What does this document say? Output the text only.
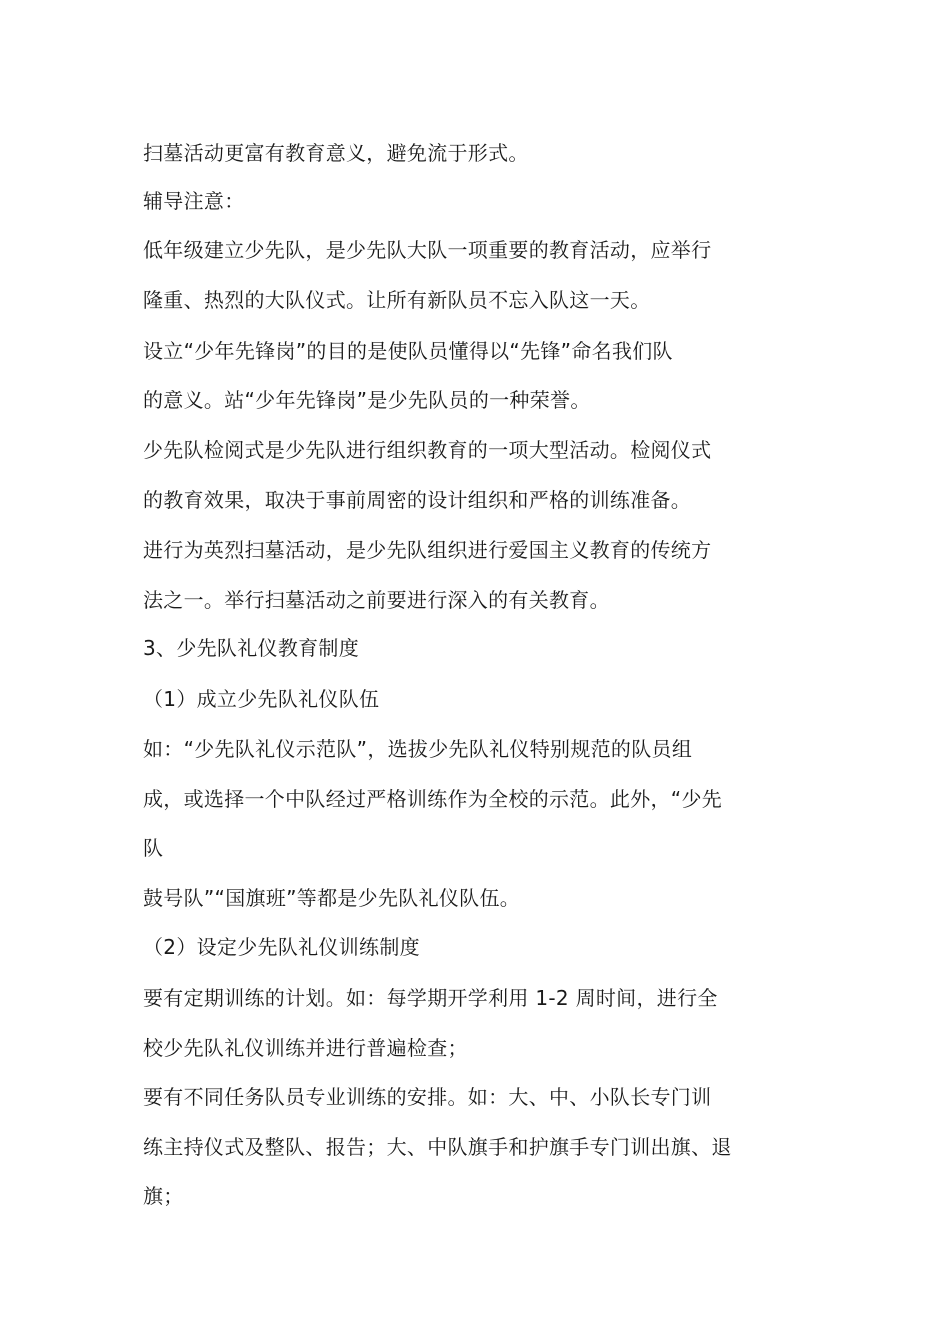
扫墓活动更富有教育意义，避免流于形式。
辅导注意：
低年级建立少先队，是少先队大队一项重要的教育活动，应举行
隆重、热烈的大队仪式。让所有新队员不忘入队这一天。
设立“少年先锋岗”的目的是使队员懂得以“先锋”命名我们队
的意义。站“少年先锋岗”是少先队员的一种荣誉。
少先队检阅式是少先队进行组织教育的一项大型活动。检阅仪式
的教育效果，取决于事前周密的设计组织和严格的训练准备。
进行为英烈扫墓活动，是少先队组织进行爱国主义教育的传统方
法之一。举行扫墓活动之前要进行深入的有关教育。
3、少先队礼仪教育制度
（1）成立少先队礼仪队伍
如：“少先队礼仪示范队”，选拔少先队礼仪特别规范的队员组
成，或选择一个中队经过严格训练作为全校的示范。此外，“少先
队
鼓号队”“国旗班”等都是少先队礼仪队伍。
（2）设定少先队礼仪训练制度
要有定期训练的计划。如：每学期开学利用 1-2 周时间，进行全
校少先队礼仪训练并进行普遍检查；
要有不同任务队员专业训练的安排。如：大、中、小队长专门训
练主持仪式及整队、报告；大、中队旗手和护旗手专门训出旗、退
旗；
